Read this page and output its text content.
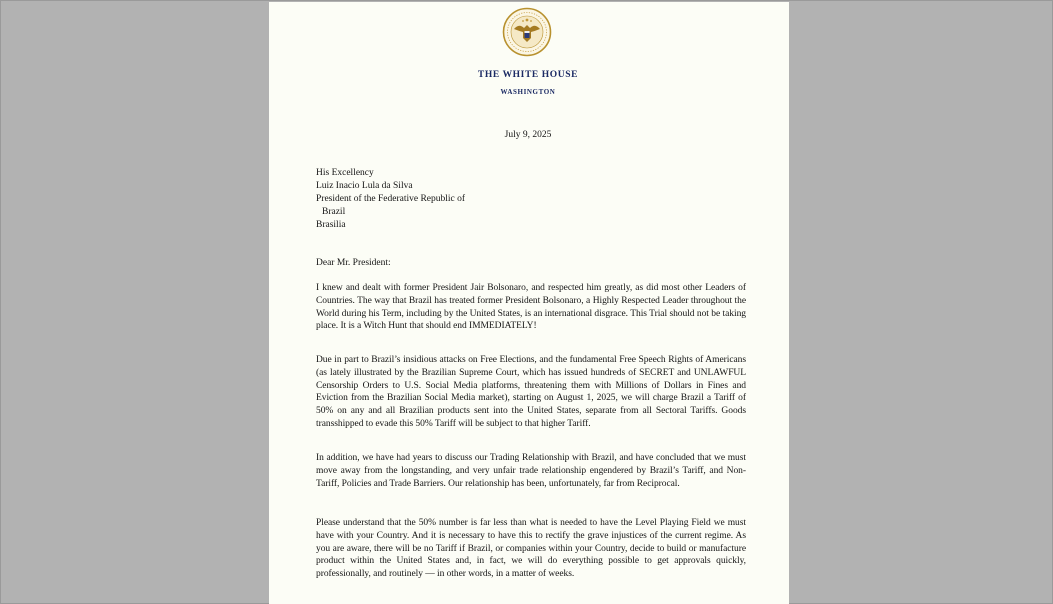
THE WHITE HOUSE
WASHINGTON
July 9, 2025
His Excellency
Luiz Inacio Lula da Silva
President of the Federative Republic of
Brazil
Brasilia
Dear Mr. President:
I knew and dealt with former President Jair Bolsonaro, and respected him greatly, as did most other Leaders of Countries. The way that Brazil has treated former President Bolsonaro, a Highly Respected Leader throughout the World during his Term, including by the United States, is an international disgrace. This Trial should not be taking place. It is a Witch Hunt that should end IMMEDIATELY!
Due in part to Brazil’s insidious attacks on Free Elections, and the fundamental Free Speech Rights of Americans (as lately illustrated by the Brazilian Supreme Court, which has issued hundreds of SECRET and UNLAWFUL Censorship Orders to U.S. Social Media platforms, threatening them with Millions of Dollars in Fines and Eviction from the Brazilian Social Media market), starting on August 1, 2025, we will charge Brazil a Tariff of 50% on any and all Brazilian products sent into the United States, separate from all Sectoral Tariffs. Goods transshipped to evade this 50% Tariff will be subject to that higher Tariff.
In addition, we have had years to discuss our Trading Relationship with Brazil, and have concluded that we must move away from the longstanding, and very unfair trade relationship engendered by Brazil’s Tariff, and Non-Tariff, Policies and Trade Barriers. Our relationship has been, unfortunately, far from Reciprocal.
Please understand that the 50% number is far less than what is needed to have the Level Playing Field we must have with your Country. And it is necessary to have this to rectify the grave injustices of the current regime. As you are aware, there will be no Tariff if Brazil, or companies within your Country, decide to build or manufacture product within the United States and, in fact, we will do everything possible to get approvals quickly, professionally, and routinely — in other words, in a matter of weeks.
